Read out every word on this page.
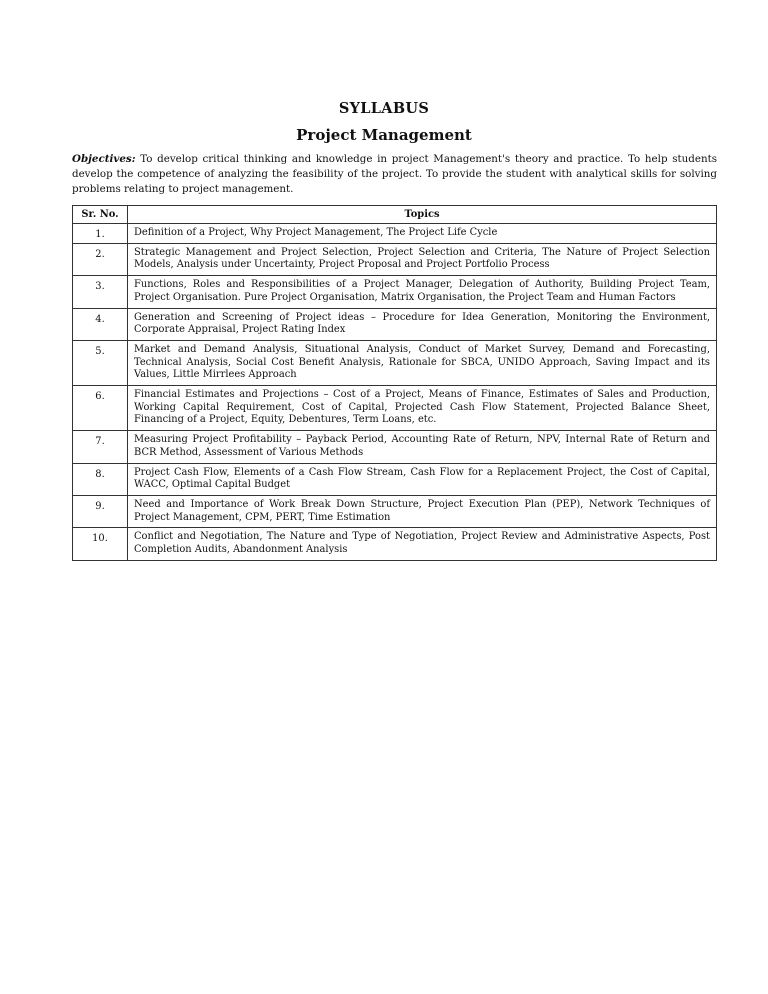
SYLLABUS
Project Management
Objectives: To develop critical thinking and knowledge in project Management's theory and practice. To help students develop the competence of analyzing the feasibility of the project. To provide the student with analytical skills for solving problems relating to project management.
Sr. No.	Topics
1.	Definition of a Project, Why Project Management, The Project Life Cycle
2.	Strategic Management and Project Selection, Project Selection and Criteria, The Nature of Project Selection Models, Analysis under Uncertainty, Project Proposal and Project Portfolio Process
3.	Functions, Roles and Responsibilities of a Project Manager, Delegation of Authority, Building Project Team, Project Organisation. Pure Project Organisation, Matrix Organisation, the Project Team and Human Factors
4.	Generation and Screening of Project ideas – Procedure for Idea Generation, Monitoring the Environment, Corporate Appraisal, Project Rating Index
5.	Market and Demand Analysis, Situational Analysis, Conduct of Market Survey, Demand and Forecasting, Technical Analysis, Social Cost Benefit Analysis, Rationale for SBCA, UNIDO Approach, Saving Impact and its Values, Little Mirrlees Approach
6.	Financial Estimates and Projections – Cost of a Project, Means of Finance, Estimates of Sales and Production, Working Capital Requirement, Cost of Capital, Projected Cash Flow Statement, Projected Balance Sheet, Financing of a Project, Equity, Debentures, Term Loans, etc.
7.	Measuring Project Profitability – Payback Period, Accounting Rate of Return, NPV, Internal Rate of Return and BCR Method, Assessment of Various Methods
8.	Project Cash Flow, Elements of a Cash Flow Stream, Cash Flow for a Replacement Project, the Cost of Capital, WACC, Optimal Capital Budget
9.	Need and Importance of Work Break Down Structure, Project Execution Plan (PEP), Network Techniques of Project Management, CPM, PERT, Time Estimation
10.	Conflict and Negotiation, The Nature and Type of Negotiation, Project Review and Administrative Aspects, Post Completion Audits, Abandonment Analysis
